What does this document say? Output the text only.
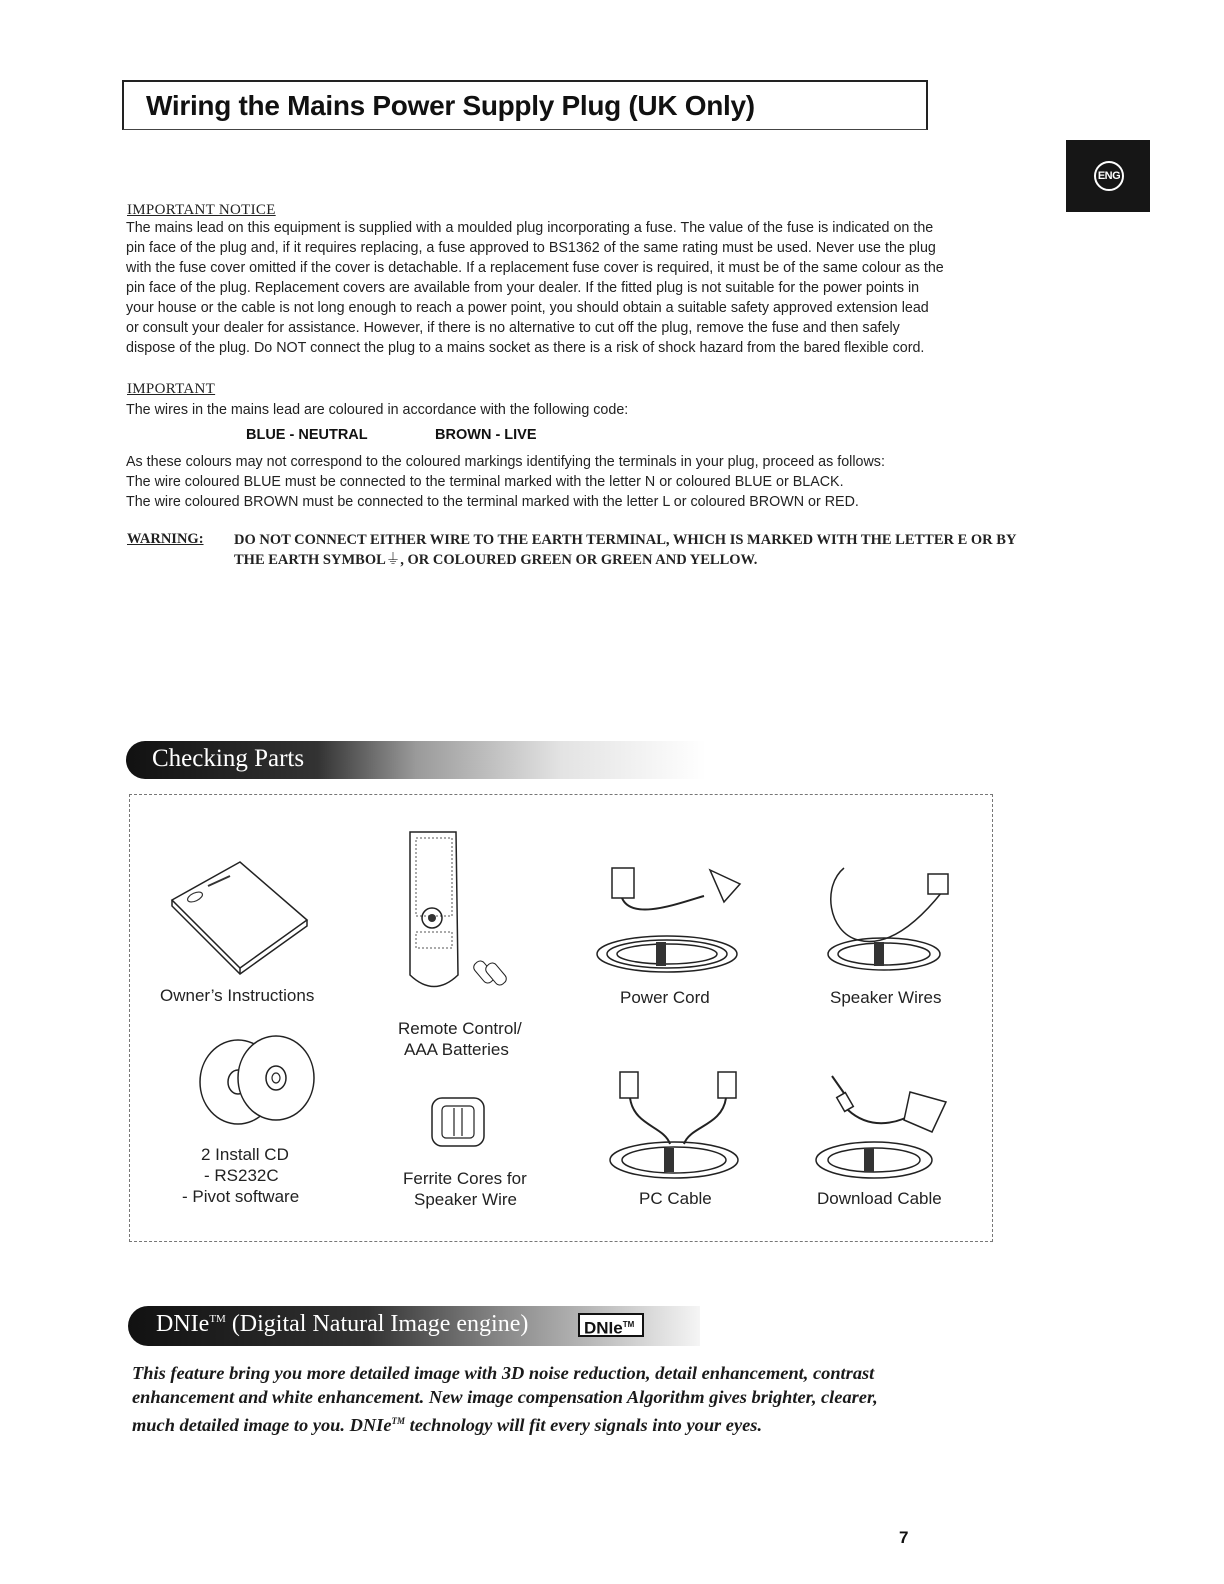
Wiring the Mains Power Supply Plug (UK Only)
ENG
IMPORTANT NOTICE
The mains lead on this equipment is supplied with a moulded plug incorporating a fuse. The value of the fuse is indicated on the
pin face of the plug and, if it requires replacing, a fuse approved to BS1362 of the same rating must be used. Never use the plug
with the fuse cover omitted if the cover is detachable. If a replacement fuse cover is required, it must be of the same colour as the
pin face of the plug. Replacement covers are available from your dealer. If the fitted plug is not suitable for the power points in
your house or the cable is not long enough to reach a power point, you should obtain a suitable safety approved extension lead
or consult your dealer for assistance. However, if there is no alternative to cut off the plug, remove the fuse and then safely
dispose of the plug. Do NOT connect the plug to a mains socket as there is a risk of shock hazard from the bared flexible cord.
IMPORTANT
The wires in the mains lead are coloured in accordance with the following code:
BLUE - NEUTRAL	BROWN - LIVE
As these colours may not correspond to the coloured markings identifying the terminals in your plug, proceed as follows:
The wire coloured BLUE must be connected to the terminal marked with the letter N or coloured BLUE or BLACK.
The wire coloured BROWN must be connected to the terminal marked with the letter L or coloured BROWN or RED.
WARNING: DO NOT CONNECT EITHER WIRE TO THE EARTH TERMINAL, WHICH IS MARKED WITH THE LETTER E OR BY
THE EARTH SYMBOL⏚, OR COLOURED GREEN OR GREEN AND YELLOW.
Checking Parts
Owner’s Instructions
Remote Control/
AAA Batteries
Power Cord	Speaker Wires
2 Install CD
- RS232C
- Pivot software
Ferrite Cores for
Speaker Wire	PC Cable	Download Cable
DNIe™ (Digital Natural Image engine)	DNIe™
This feature bring you more detailed image with 3D noise reduction, detail enhancement, contrast
enhancement and white enhancement. New image compensation Algorithm gives brighter, clearer,
much detailed image to you. DNIe™ technology will fit every signals into your eyes.
7
